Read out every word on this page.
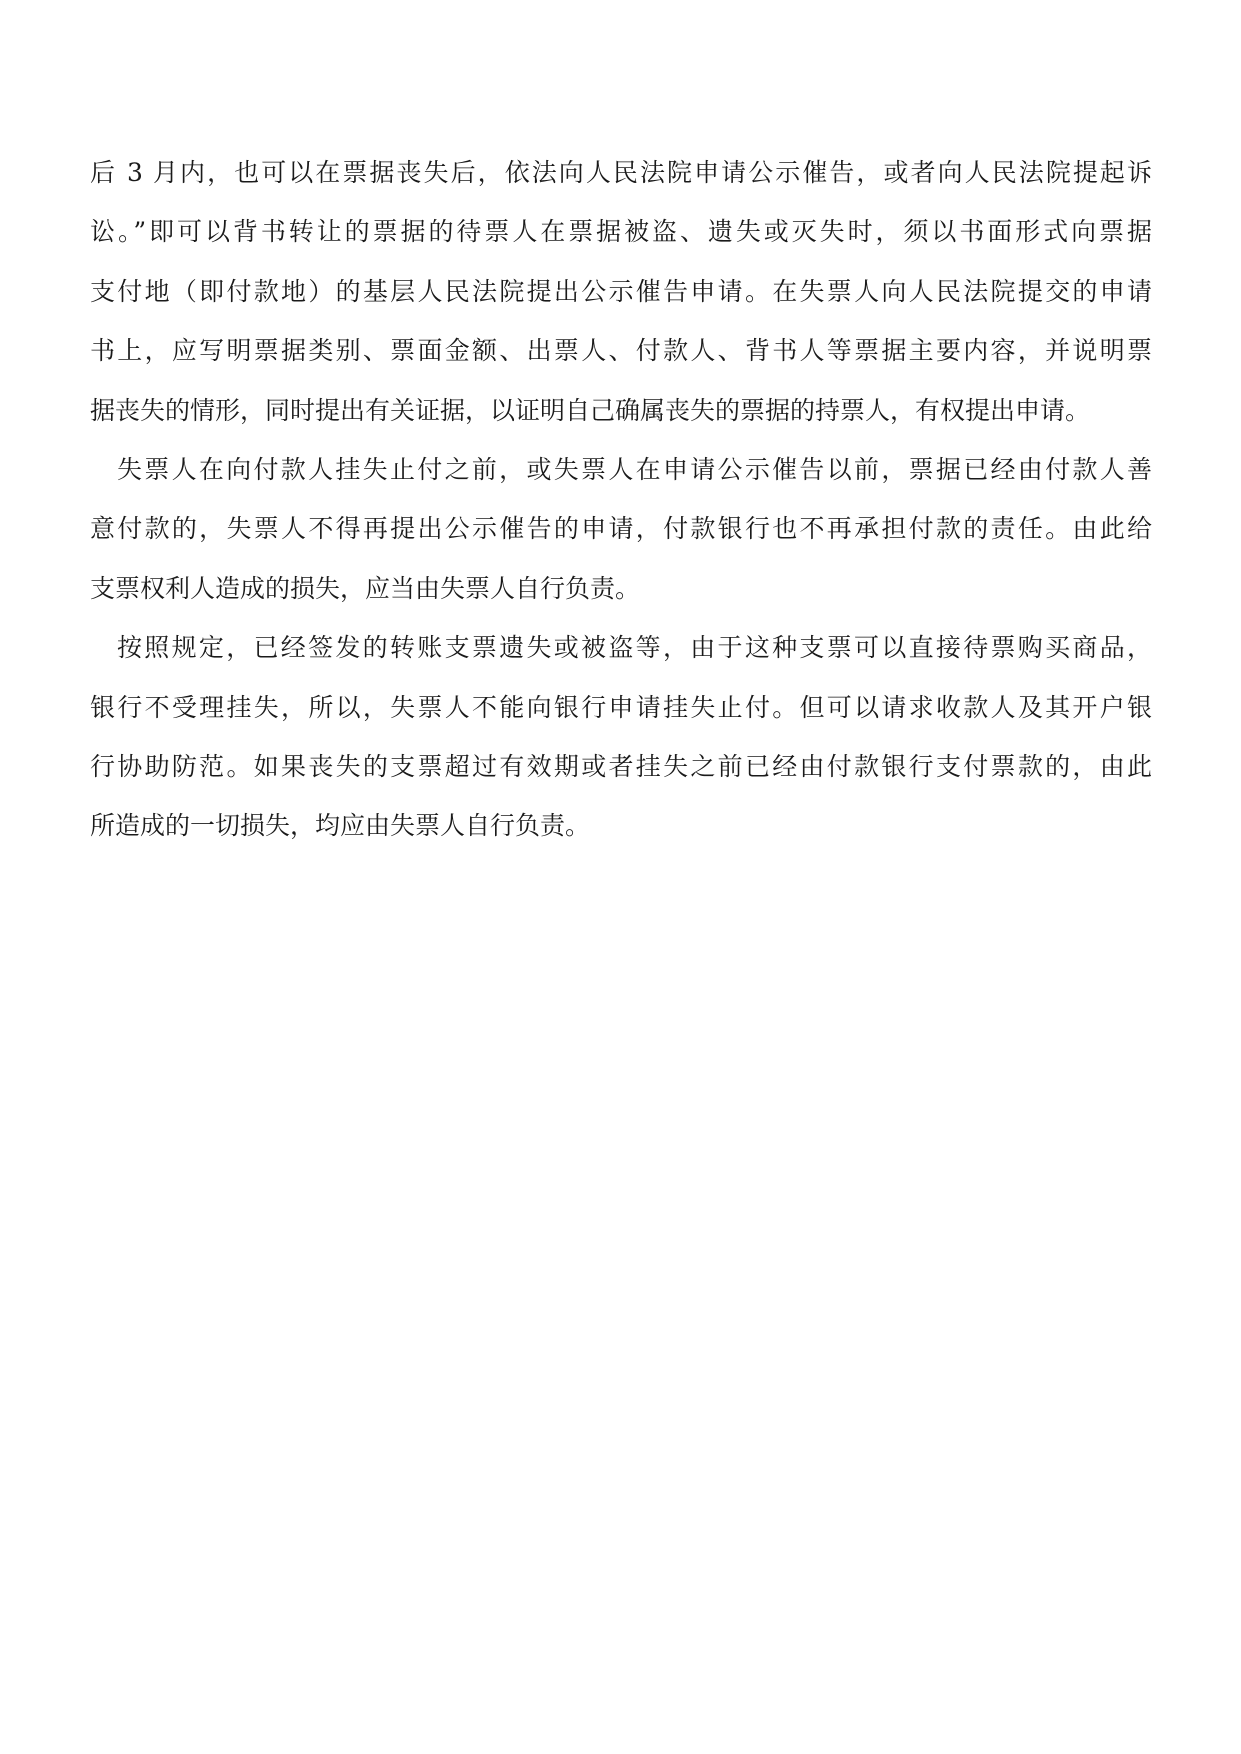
后 3 月内，也可以在票据丧失后，依法向人民法院申请公示催告，或者向人民法院提起诉
讼。”即可以背书转让的票据的待票人在票据被盗、遗失或灭失时，须以书面形式向票据
支付地（即付款地）的基层人民法院提出公示催告申请。在失票人向人民法院提交的申请
书上，应写明票据类别、票面金额、出票人、付款人、背书人等票据主要内容，并说明票
据丧失的情形，同时提出有关证据，以证明自己确属丧失的票据的持票人，有权提出申请。
失票人在向付款人挂失止付之前，或失票人在申请公示催告以前，票据已经由付款人善
意付款的，失票人不得再提出公示催告的申请，付款银行也不再承担付款的责任。由此给
支票权利人造成的损失，应当由失票人自行负责。
按照规定，已经签发的转账支票遗失或被盗等，由于这种支票可以直接待票购买商品，
银行不受理挂失，所以，失票人不能向银行申请挂失止付。但可以请求收款人及其开户银
行协助防范。如果丧失的支票超过有效期或者挂失之前已经由付款银行支付票款的，由此
所造成的一切损失，均应由失票人自行负责。
